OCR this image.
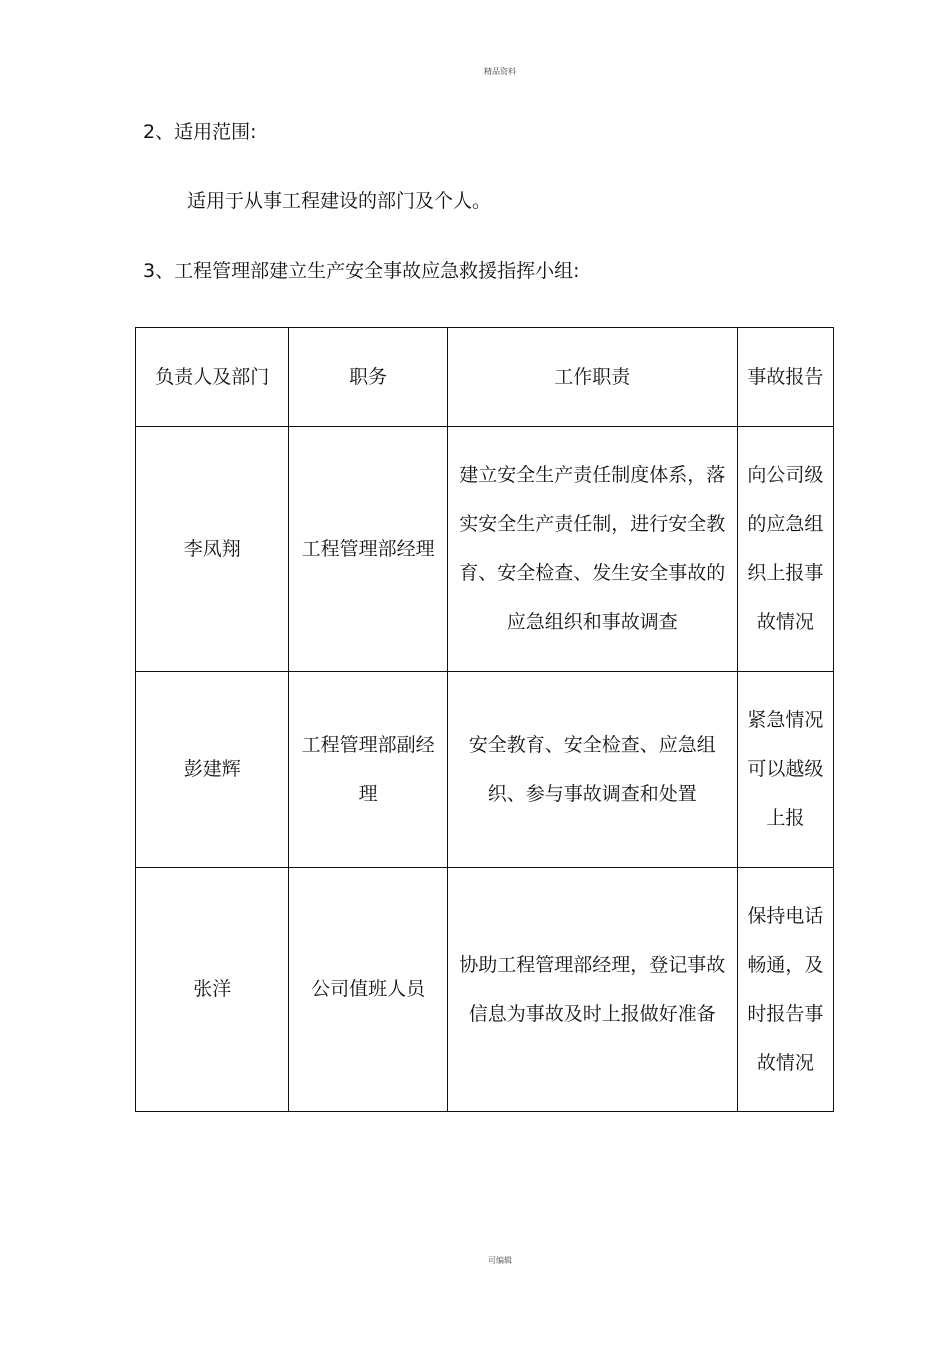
精品资料
2、适用范围:
适用于从事工程建设的部门及个人。
3、工程管理部建立生产安全事故应急救援指挥小组:
负责人及部门	职务	工作职责	事故报告
李凤翔	工程管理部经理	建立安全生产责任制度体系，落实安全生产责任制，进行安全教育、安全检查、发生安全事故的应急组织和事故调查	向公司级的应急组织上报事故情况
彭建辉	工程管理部副经理	安全教育、安全检查、应急组织、参与事故调查和处置	紧急情况可以越级上报
张洋	公司值班人员	协助工程管理部经理，登记事故信息为事故及时上报做好准备	保持电话畅通，及时报告事故情况
可编辑
